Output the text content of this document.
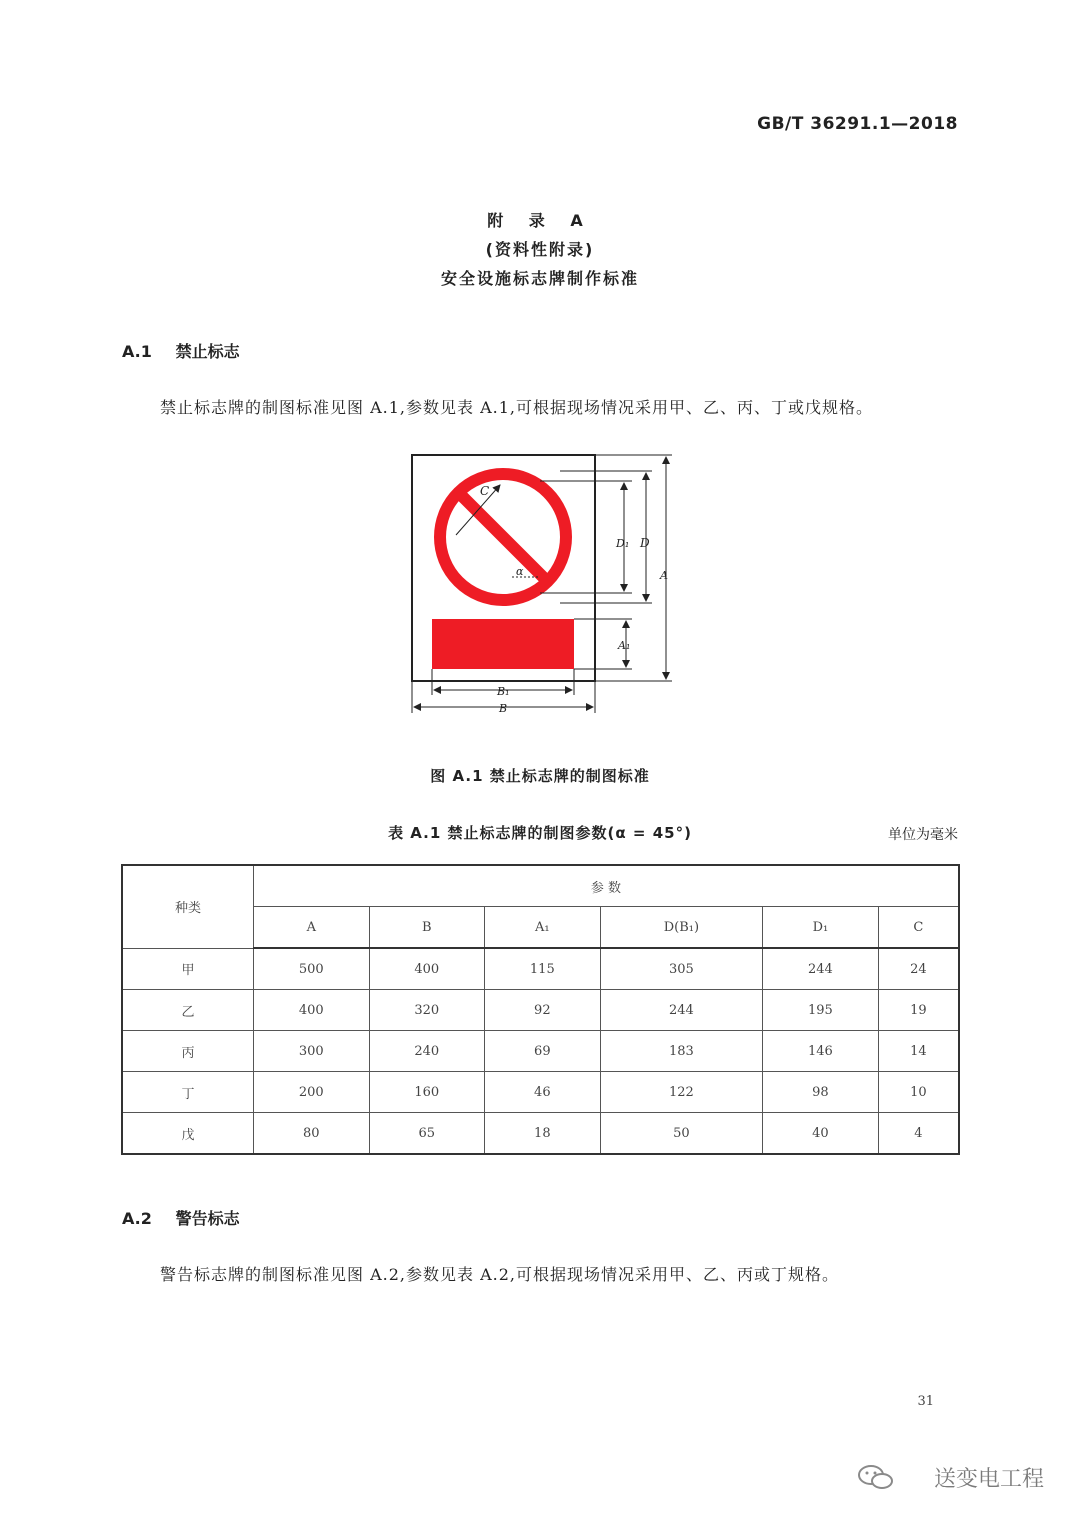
GB/T 36291.1—2018
附 录 A
(资料性附录)
安全设施标志牌制作标准
A.1 禁止标志
禁止标志牌的制图标准见图 A.1,参数见表 A.1,可根据现场情况采用甲、乙、丙、丁或戊规格。
C
α
D₁ D
A₁
A
B₁
B
图 A.1 禁止标志牌的制图标准
表 A.1 禁止标志牌的制图参数(α = 45°)	单位为毫米
种类	参 数					
	A	B	A₁	D(B₁)	D₁	C
甲	500	400	115	305	244	24
乙	400	320	92	244	195	19
丙	300	240	69	183	146	14
丁	200	160	46	122	98	10
戊	80	65	18	50	40	4
A.2 警告标志
警告标志牌的制图标准见图 A.2,参数见表 A.2,可根据现场情况采用甲、乙、丙或丁规格。
31
送变电工程
